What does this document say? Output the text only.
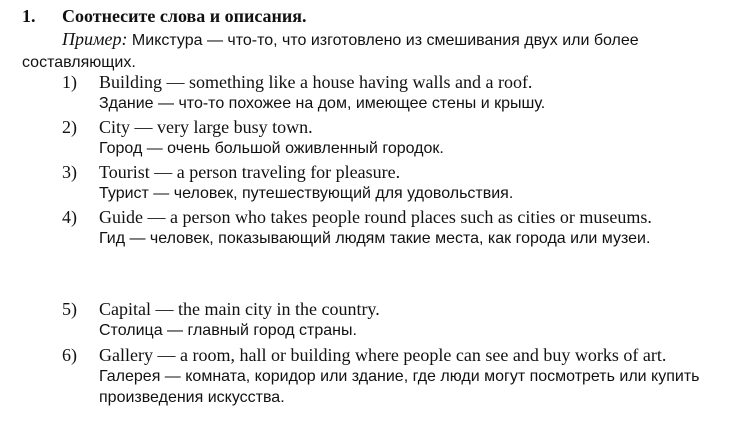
1. Соотнесите слова и описания.
Пример: Микстура — что-то, что изготовлено из смешивания двух или более составляющих.
1)	Building — something like a house having walls and a roof.
Здание — что-то похожее на дом, имеющее стены и крышу.
2)	City — very large busy town.
Город — очень большой оживленный городок.
3)	Tourist — a person traveling for pleasure.
Турист — человек, путешествующий для удовольствия.
4)	Guide — a person who takes people round places such as cities or museums.
Гид — человек, показывающий людям такие места, как города или музеи.
5)	Capital — the main city in the country.
Столица — главный город страны.
6)	Gallery — a room, hall or building where people can see and buy works of art.
Галерея — комната, коридор или здание, где люди могут посмотреть или купить произведения искусства.
